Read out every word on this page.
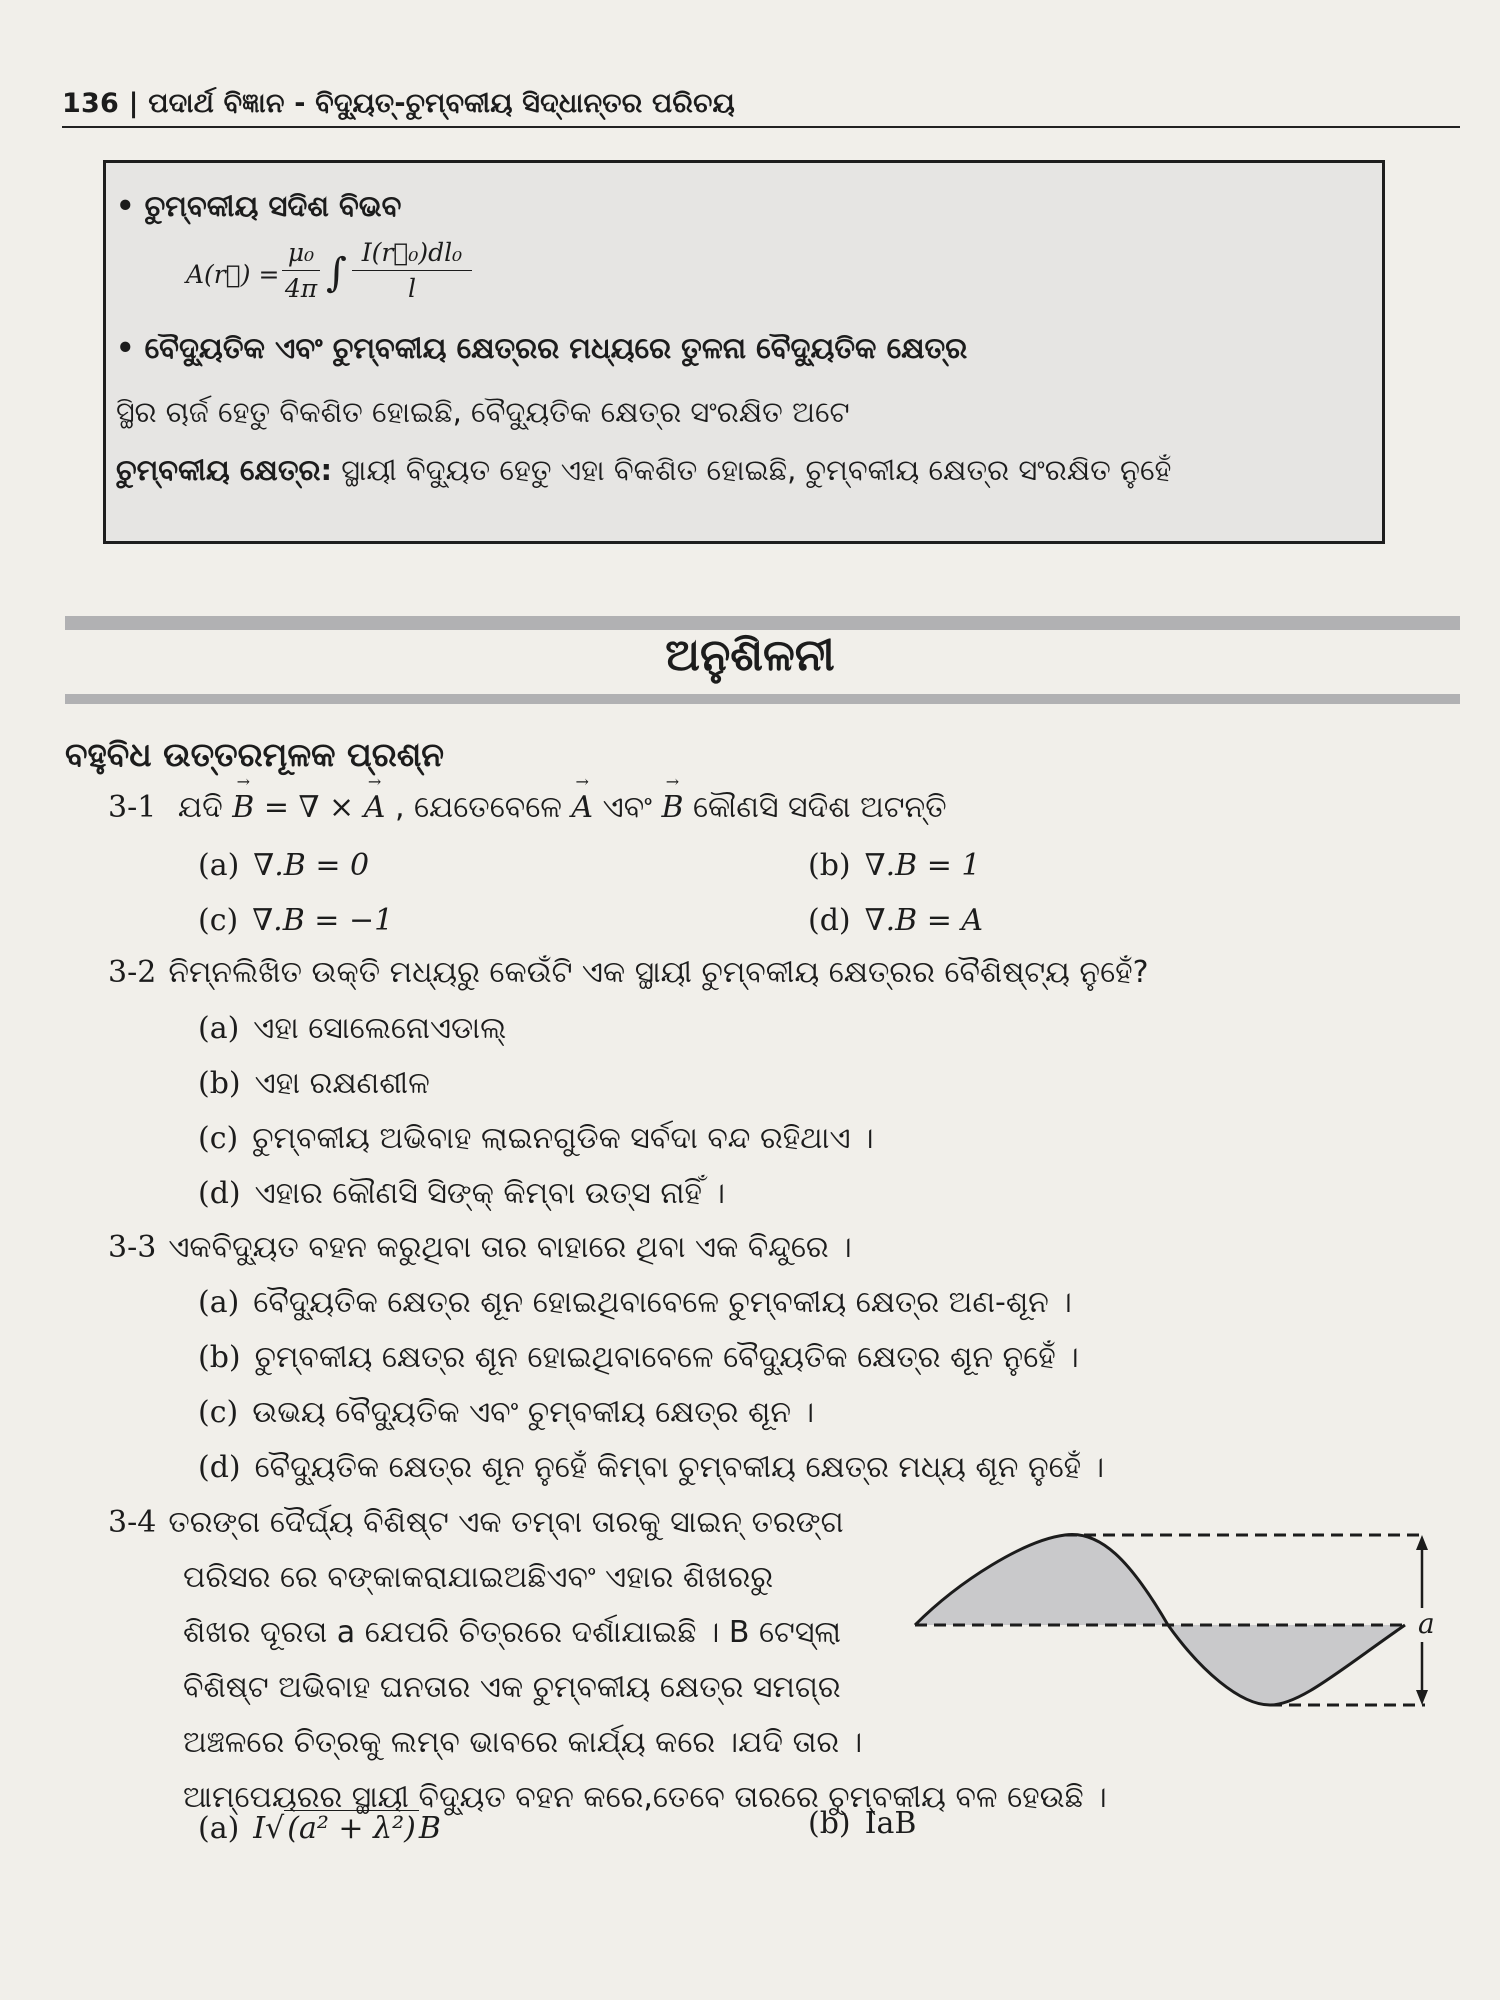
136 | ପଦାର୍ଥ ବିଜ୍ଞାନ - ବିଦ୍ୟୁତ୍-ଚୁମ୍ବକୀୟ ସିଦ୍ଧାନ୍ତର ପରିଚୟ
• ଚୁମ୍ବକୀୟ ସଦିଶ ବିଭବ
A(r⃗) = $\frac{\text{μ₀}}{4\pi}$ ∫ $\frac{\text{I(r⃗₀)dl₀}}{l}$
• ବୈଦ୍ୟୁତିକ ଏବଂ ଚୁମ୍ବକୀୟ କ୍ଷେତ୍ରର ମଧ୍ୟରେ ତୁଳନା ବୈଦ୍ୟୁତିକ କ୍ଷେତ୍ର
ସ୍ଥିର ଚାର୍ଜ ହେତୁ ବିକଶିତ ହୋଇଛି, ବୈଦ୍ୟୁତିକ କ୍ଷେତ୍ର ସଂରକ୍ଷିତ ଅଟେ
ଚୁମ୍ବକୀୟ କ୍ଷେତ୍ର: ସ୍ଥାୟୀ ବିଦ୍ୟୁତ ହେତୁ ଏହା ବିକଶିତ ହୋଇଛି, ଚୁମ୍ବକୀୟ କ୍ଷେତ୍ର ସଂରକ୍ଷିତ ନୁହେଁ
ଅନୁଶିଳନୀ
ବହୁବିଧ ଉତ୍ତରମୂଳକ ପ୍ରଶ୍ନ
3-1 ଯଦି → B = ∇ × → A , ଯେତେବେଳେ → A ଏବଂ → B କୌଣସି ସଦିଶ ଅଟନ୍ତି
(a) ∇.B = 0	(b) ∇.B = 1
(c) ∇.B = −1	(d) ∇.B = A
3-2 ନିମ୍ନଲିଖିତ ଉକ୍ତି ମଧ୍ୟରୁ କେଉଁଟି ଏକ ସ୍ଥାୟୀ ଚୁମ୍ବକୀୟ କ୍ଷେତ୍ରର ବୈଶିଷ୍ଟ୍ୟ ନୁହେଁ?
(a) ଏହା ସୋଲେନୋଏଡାଲ୍
(b) ଏହା ରକ୍ଷଣଶୀଳ
(c) ଚୁମ୍ବକୀୟ ଅଭିବାହ ଲାଇନଗୁଡିକ ସର୍ବଦା ବନ୍ଦ ରହିଥାଏ ।
(d) ଏହାର କୌଣସି ସିଙ୍କ୍ କିମ୍ବା ଉତ୍ସ ନାହିଁ ।
3-3 ଏକବିଦ୍ୟୁତ ବହନ କରୁଥିବା ତାର ବାହାରେ ଥିବା ଏକ ବିନ୍ଦୁରେ ।
(a) ବୈଦ୍ୟୁତିକ କ୍ଷେତ୍ର ଶୂନ ହୋଇଥିବାବେଳେ ଚୁମ୍ବକୀୟ କ୍ଷେତ୍ର ଅଣ-ଶୂନ ।
(b) ଚୁମ୍ବକୀୟ କ୍ଷେତ୍ର ଶୂନ ହୋଇଥିବାବେଳେ ବୈଦ୍ୟୁତିକ କ୍ଷେତ୍ର ଶୂନ ନୁହେଁ ।
(c) ଉଭୟ ବୈଦ୍ୟୁତିକ ଏବଂ ଚୁମ୍ବକୀୟ କ୍ଷେତ୍ର ଶୂନ ।
(d) ବୈଦ୍ୟୁତିକ କ୍ଷେତ୍ର ଶୂନ ନୁହେଁ କିମ୍ବା ଚୁମ୍ବକୀୟ କ୍ଷେତ୍ର ମଧ୍ୟ ଶୂନ ନୁହେଁ ।
3-4 ତରଙ୍ଗ ଦୈର୍ଘ୍ୟ ବିଶିଷ୍ଟ ଏକ ତମ୍ବା ତାରକୁ ସାଇନ୍ ତରଙ୍ଗ
ପରିସର ରେ ବଙ୍କାକରାଯାଇଅଛିଏବଂ ଏହାର ଶିଖରରୁ
ଶିଖର ଦୂରତା a ଯେପରି ଚିତ୍ରରେ ଦର୍ଶାଯାଇଛି । B ଟେସ୍ଲା
ବିଶିଷ୍ଟ ଅଭିବାହ ଘନତାର ଏକ ଚୁମ୍ବକୀୟ କ୍ଷେତ୍ର ସମଗ୍ର
ଅଞ୍ଚଳରେ ଚିତ୍ରକୁ ଲମ୍ବ ଭାବରେ କାର୍ଯ୍ୟ କରେ ।ଯଦି ତାର ।
ଆମ୍ପେୟରର ସ୍ଥାୟୀ ବିଦ୍ୟୁତ ବହନ କରେ,ତେବେ ତାରରେ ଚୁମ୍ବକୀୟ ବଳ ହେଉଛି ।
a
(a) I√ (a² + λ²) B	(b) IaB
